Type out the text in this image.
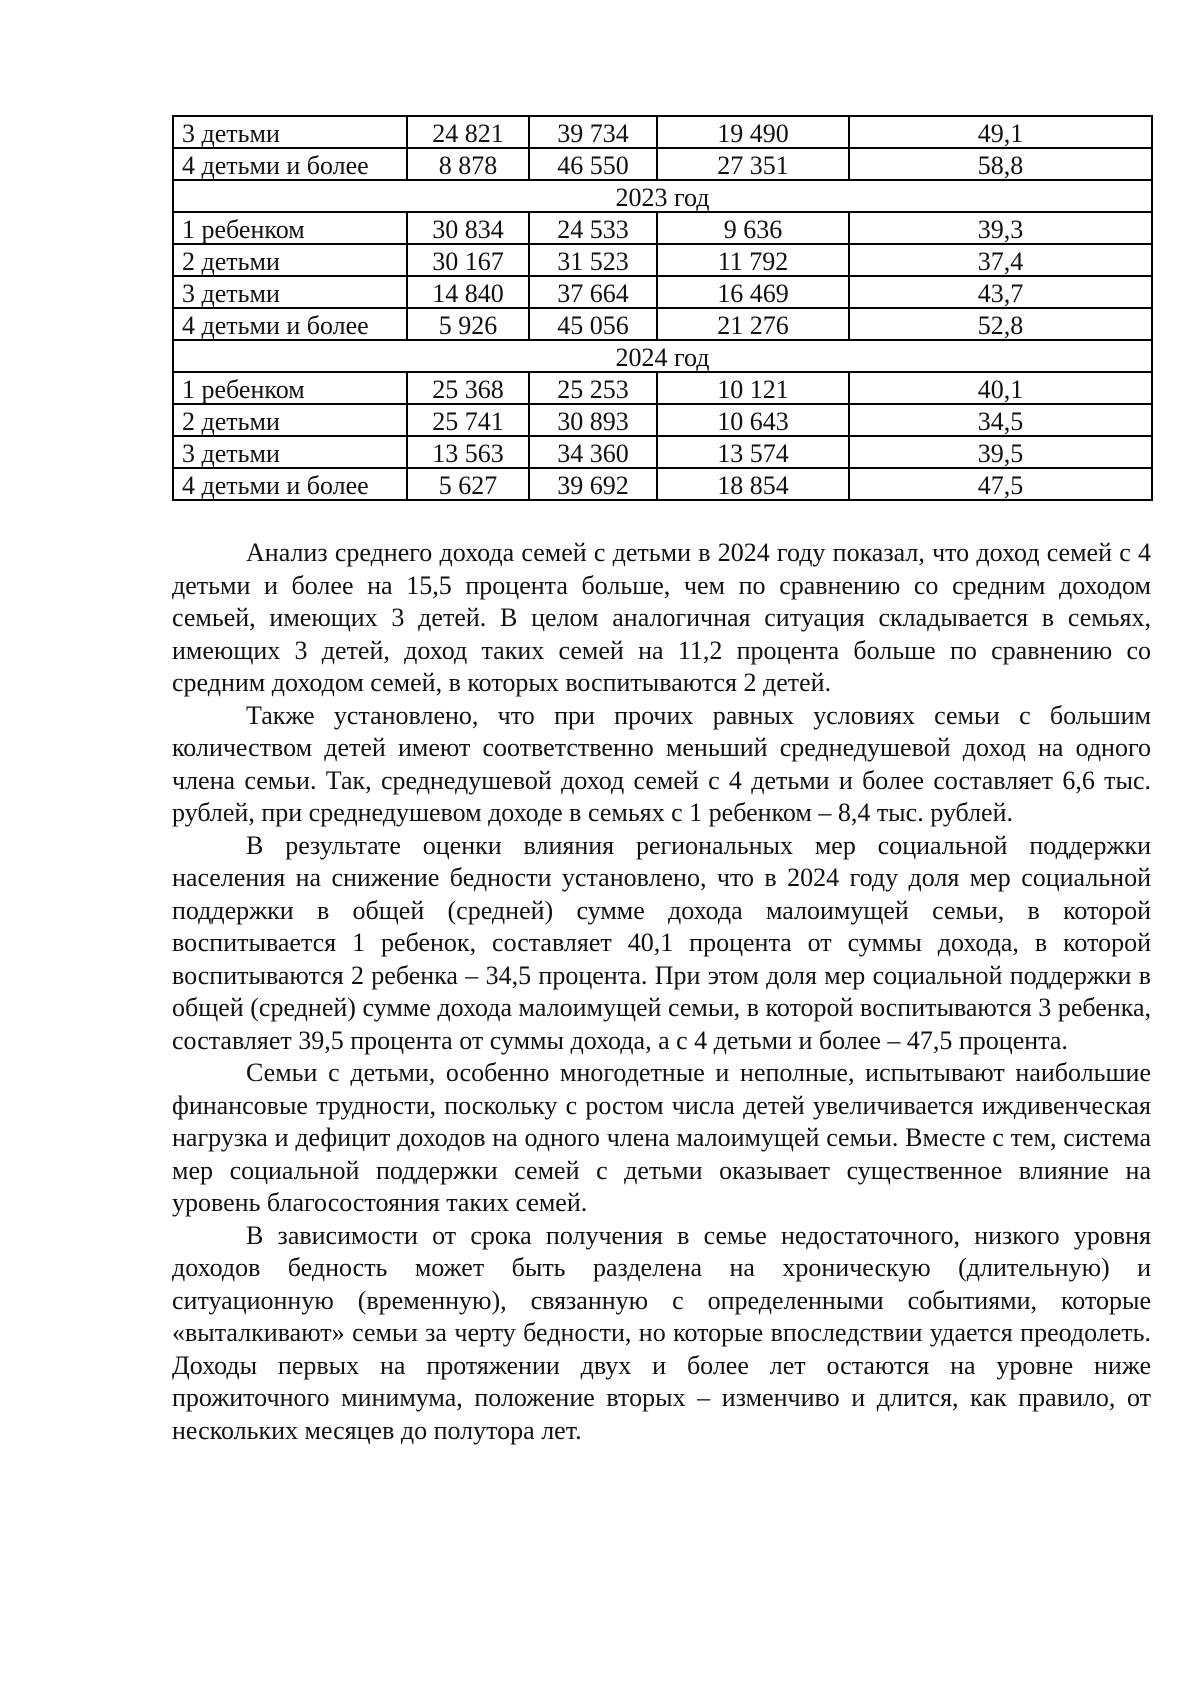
3 детьми	24 821	39 734	19 490	49,1
4 детьми и более	8 878	46 550	27 351	58,8
2023 год				
1 ребенком	30 834	24 533	9 636	39,3
2 детьми	30 167	31 523	11 792	37,4
3 детьми	14 840	37 664	16 469	43,7
4 детьми и более	5 926	45 056	21 276	52,8
2024 год				
1 ребенком	25 368	25 253	10 121	40,1
2 детьми	25 741	30 893	10 643	34,5
3 детьми	13 563	34 360	13 574	39,5
4 детьми и более	5 627	39 692	18 854	47,5

Анализ среднего дохода семей с детьми в 2024 году показал, что доход семей с 4 детьми и более на 15,5 процента больше, чем по сравнению со средним доходом семьей, имеющих 3 детей. В целом аналогичная ситуация складывается в семьях, имеющих 3 детей, доход таких семей на 11,2 процента больше по сравнению со средним доходом семей, в которых воспитываются 2 детей.

Также установлено, что при прочих равных условиях семьи с большим количеством детей имеют соответственно меньший среднедушевой доход на одного члена семьи. Так, среднедушевой доход семей с 4 детьми и более составляет 6,6 тыс. рублей, при среднедушевом доходе в семьях с 1 ребенком – 8,4 тыс. рублей.

В результате оценки влияния региональных мер социальной поддержки населения на снижение бедности установлено, что в 2024 году доля мер социальной поддержки в общей (средней) сумме дохода малоимущей семьи, в которой воспитывается 1 ребенок, составляет 40,1 процента от суммы дохода, в которой воспитываются 2 ребенка – 34,5 процента. При этом доля мер социальной поддержки в общей (средней) сумме дохода малоимущей семьи, в которой воспитываются 3 ребенка, составляет 39,5 процента от суммы дохода, а с 4 детьми и более – 47,5 процента.

Семьи с детьми, особенно многодетные и неполные, испытывают наибольшие финансовые трудности, поскольку с ростом числа детей увеличивается иждивенческая нагрузка и дефицит доходов на одного члена малоимущей семьи. Вместе с тем, система мер социальной поддержки семей с детьми оказывает существенное влияние на уровень благосостояния таких семей.

В зависимости от срока получения в семье недостаточного, низкого уровня доходов бедность может быть разделена на хроническую (длительную) и ситуационную (временную), связанную с определенными событиями, которые «выталкивают» семьи за черту бедности, но которые впоследствии удается преодолеть. Доходы первых на протяжении двух и более лет остаются на уровне ниже прожиточного минимума, положение вторых – изменчиво и длится, как правило, от нескольких месяцев до полутора лет.
